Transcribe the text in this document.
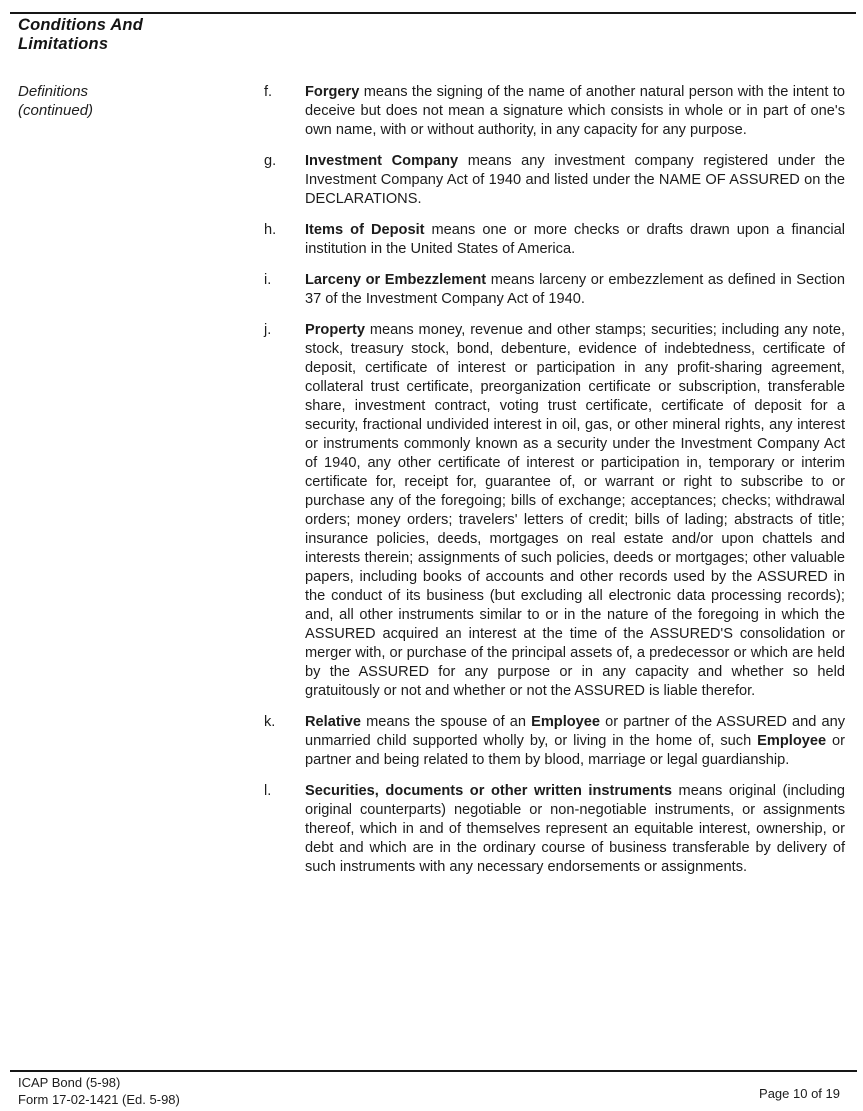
Conditions And
Limitations
Definitions
(continued)
f.	Forgery means the signing of the name of another natural person with the intent to deceive but does not mean a signature which consists in whole or in part of one's own name, with or without authority, in any capacity for any purpose.
g.	Investment Company means any investment company registered under the Investment Company Act of 1940 and listed under the NAME OF ASSURED on the DECLARATIONS.
h.	Items of Deposit means one or more checks or drafts drawn upon a financial institution in the United States of America.
i.	Larceny or Embezzlement means larceny or embezzlement as defined in Section 37 of the Investment Company Act of 1940.
j.	Property means money, revenue and other stamps; securities; including any note, stock, treasury stock, bond, debenture, evidence of indebtedness, certificate of deposit, certificate of interest or participation in any profit-sharing agreement, collateral trust certificate, preorganization certificate or subscription, transferable share, investment contract, voting trust certificate, certificate of deposit for a security, fractional undivided interest in oil, gas, or other mineral rights, any interest or instruments commonly known as a security under the Investment Company Act of 1940, any other certificate of interest or participation in, temporary or interim certificate for, receipt for, guarantee of, or warrant or right to subscribe to or purchase any of the foregoing; bills of exchange; acceptances; checks; withdrawal orders; money orders; travelers' letters of credit; bills of lading; abstracts of title; insurance policies, deeds, mortgages on real estate and/or upon chattels and interests therein; assignments of such policies, deeds or mortgages; other valuable papers, including books of accounts and other records used by the ASSURED in the conduct of its business (but excluding all electronic data processing records); and, all other instruments similar to or in the nature of the foregoing in which the ASSURED acquired an interest at the time of the ASSURED'S consolidation or merger with, or purchase of the principal assets of, a predecessor or which are held by the ASSURED for any purpose or in any capacity and whether so held gratuitously or not and whether or not the ASSURED is liable therefor.
k.	Relative means the spouse of an Employee or partner of the ASSURED and any unmarried child supported wholly by, or living in the home of, such Employee or partner and being related to them by blood, marriage or legal guardianship.
l.	Securities, documents or other written instruments means original (including original counterparts) negotiable or non-negotiable instruments, or assignments thereof, which in and of themselves represent an equitable interest, ownership, or debt and which are in the ordinary course of business transferable by delivery of such instruments with any necessary endorsements or assignments.
ICAP Bond (5-98)
Form 17-02-1421 (Ed. 5-98)	Page 10 of 19
